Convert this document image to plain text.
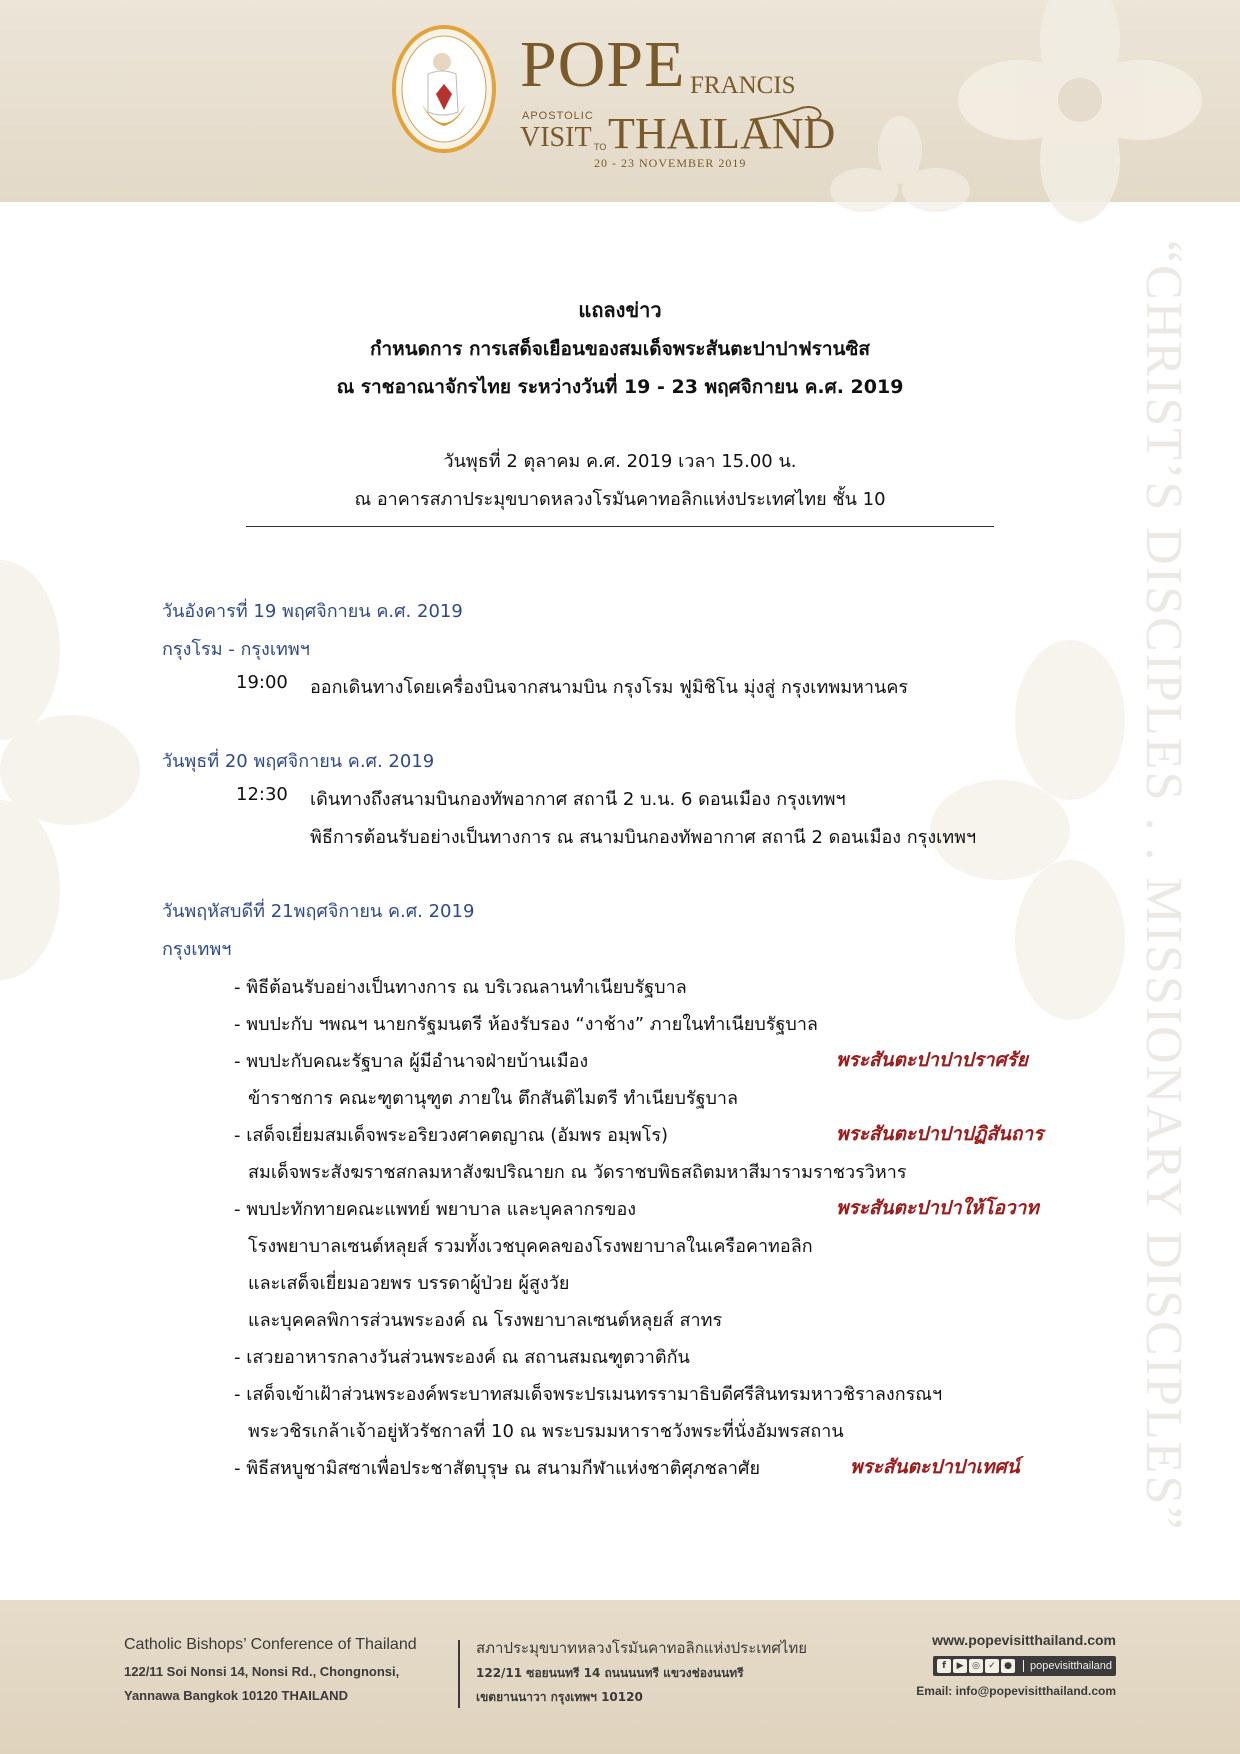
POPE FRANCIS
APOSTOLIC
VISIT TO THAILAND
20 - 23 NOVEMBER 2019
“CHRIST’S DISCIPLES . . MISSIONARY DISCIPLES”
แถลงข่าว
กำหนดการ การเสด็จเยือนของสมเด็จพระสันตะปาปาฟรานซิส
ณ ราชอาณาจักรไทย ระหว่างวันที่ 19 - 23 พฤศจิกายน ค.ศ. 2019
วันพุธที่ 2 ตุลาคม ค.ศ. 2019 เวลา 15.00 น.
ณ อาคารสภาประมุขบาดหลวงโรมันคาทอลิกแห่งประเทศไทย ชั้น 10
วันอังคารที่ 19 พฤศจิกายน ค.ศ. 2019
กรุงโรม - กรุงเทพฯ
19:00 ออกเดินทางโดยเครื่องบินจากสนามบิน กรุงโรม ฟูมิชิโน มุ่งสู่ กรุงเทพมหานคร
วันพุธที่ 20 พฤศจิกายน ค.ศ. 2019
12:30 เดินทางถึงสนามบินกองทัพอากาศ สถานี 2 บ.น. 6 ดอนเมือง กรุงเทพฯ
พิธีการต้อนรับอย่างเป็นทางการ ณ สนามบินกองทัพอากาศ สถานี 2 ดอนเมือง กรุงเทพฯ
วันพฤหัสบดีที่ 21พฤศจิกายน ค.ศ. 2019
กรุงเทพฯ
- พิธีต้อนรับอย่างเป็นทางการ ณ บริเวณลานทำเนียบรัฐบาล
- พบปะกับ ฯพณฯ นายกรัฐมนตรี ห้องรับรอง “งาช้าง” ภายในทำเนียบรัฐบาล
- พบปะกับคณะรัฐบาล ผู้มีอำนาจฝ่ายบ้านเมือง	พระสันตะปาปาปราศรัย
ข้าราชการ คณะฑูตานุฑูต ภายใน ตึกสันติไมตรี ทำเนียบรัฐบาล
- เสด็จเยี่ยมสมเด็จพระอริยวงศาคตญาณ (อัมพร อมฺพโร)	พระสันตะปาปาปฏิสันถาร
สมเด็จพระสังฆราชสกลมหาสังฆปริณายก ณ วัดราชบพิธสถิตมหาสีมารามราชวรวิหาร
- พบปะทักทายคณะแพทย์ พยาบาล และบุคลากรของ	พระสันตะปาปาให้โอวาท
โรงพยาบาลเซนต์หลุยส์ รวมทั้งเวชบุคคลของโรงพยาบาลในเครือคาทอลิก
และเสด็จเยี่ยมอวยพร บรรดาผู้ป่วย ผู้สูงวัย
และบุคคลพิการส่วนพระองค์ ณ โรงพยาบาลเซนต์หลุยส์ สาทร
- เสวยอาหารกลางวันส่วนพระองค์ ณ สถานสมณฑูตวาติกัน
- เสด็จเข้าเฝ้าส่วนพระองค์พระบาทสมเด็จพระปรเมนทรรามาธิบดีศรีสินทรมหาวชิราลงกรณฯ
พระวชิรเกล้าเจ้าอยู่หัวรัชกาลที่ 10 ณ พระบรมมหาราชวังพระที่นั่งอัมพรสถาน
- พิธีสหบูชามิสซาเพื่อประชาสัตบุรุษ ณ สนามกีฬาแห่งชาติศุภชลาศัย	พระสันตะปาปาเทศน์
Catholic Bishops’ Conference of Thailand
122/11 Soi Nonsi 14, Nonsi Rd., Chongnonsi,
Yannawa Bangkok 10120 THAILAND
สภาประมุขบาทหลวงโรมันคาทอลิกแห่งประเทศไทย
122/11 ซอยนนทรี 14 ถนนนนทรี แขวงช่องนนทรี
เขตยานนาวา กรุงเทพฯ 10120
www.popevisitthailand.com
f	▶ ◎ ✓ ●	popevisitthailand
Email: info@popevisitthailand.com
